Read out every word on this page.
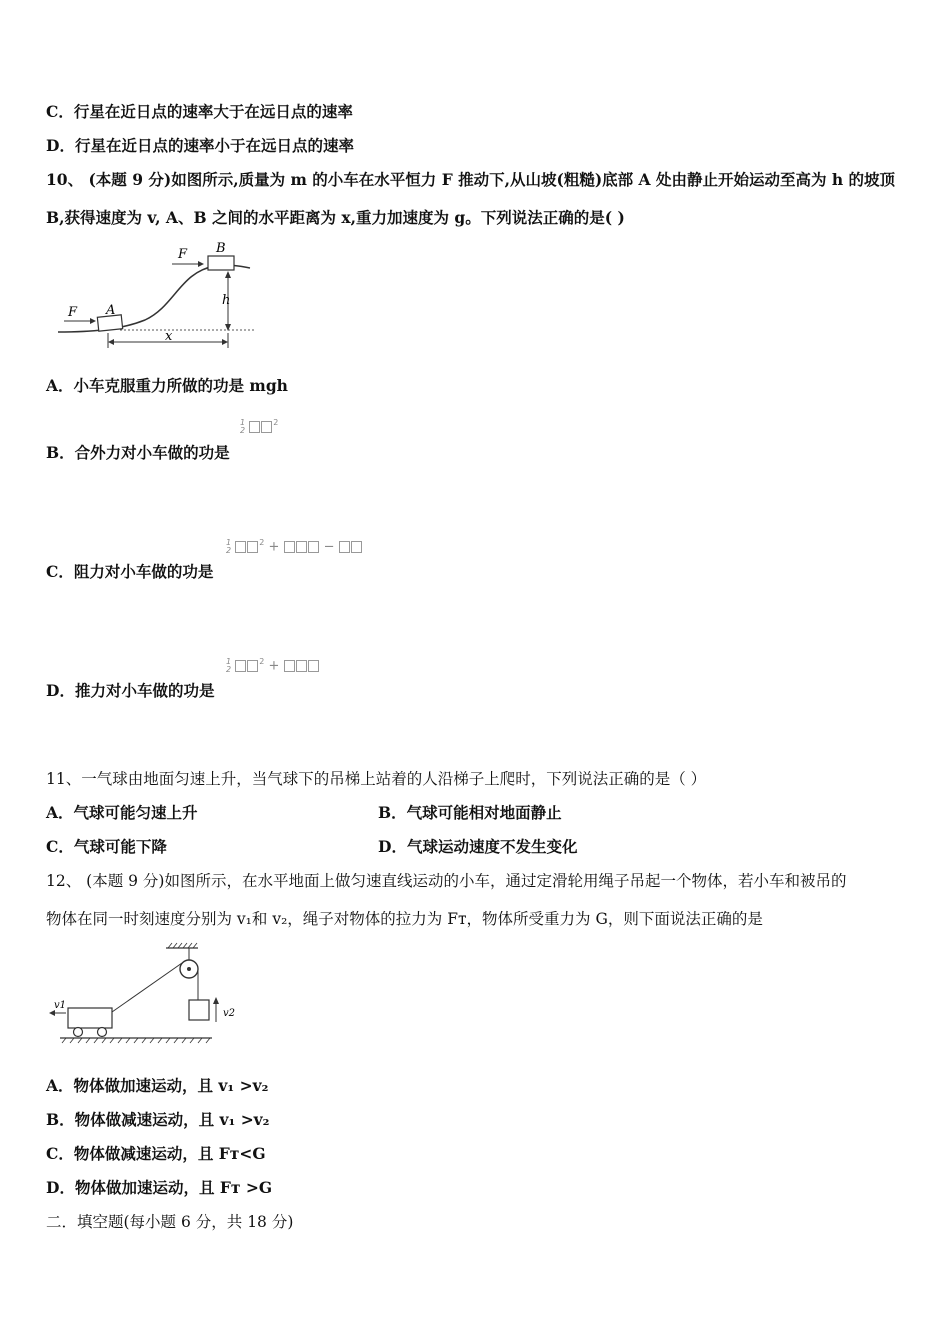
C．行星在近日点的速率大于在远日点的速率
D．行星在近日点的速率小于在远日点的速率
10、 (本题 9 分)如图所示,质量为 m 的小车在水平恒力 F 推动下,从山坡(粗糙)底部 A 处由静止开始运动至高为 h 的坡顶
B,获得速度为 v, A、B 之间的水平距离为 x,重力加速度为 g。下列说法正确的是( )
F B
h
F A
x
A．小车克服重力所做的功是 mgh
1
2 $^2$
B．合外力对小车做的功是
1
2 $^2$ +	−
C．阻力对小车做的功是
1
2 $^2$ +
D．推力对小车做的功是
11、一气球由地面匀速上升，当气球下的吊梯上站着的人沿梯子上爬时，下列说法正确的是（ ）
A．气球可能匀速上升	B．气球可能相对地面静止
C．气球可能下降	D．气球运动速度不发生变化
12、 (本题 9 分)如图所示，在水平地面上做匀速直线运动的小车，通过定滑轮用绳子吊起一个物体，若小车和被吊的
物体在同一时刻速度分别为 v₁和 v₂，绳子对物体的拉力为 Fт，物体所受重力为 G，则下面说法正确的是
v2
v1
A．物体做加速运动，且 v₁ >v₂
B．物体做减速运动，且 v₁ >v₂
C．物体做减速运动，且 Fт<G
D．物体做加速运动，且 Fт >G
二．填空题(每小题 6 分，共 18 分)
